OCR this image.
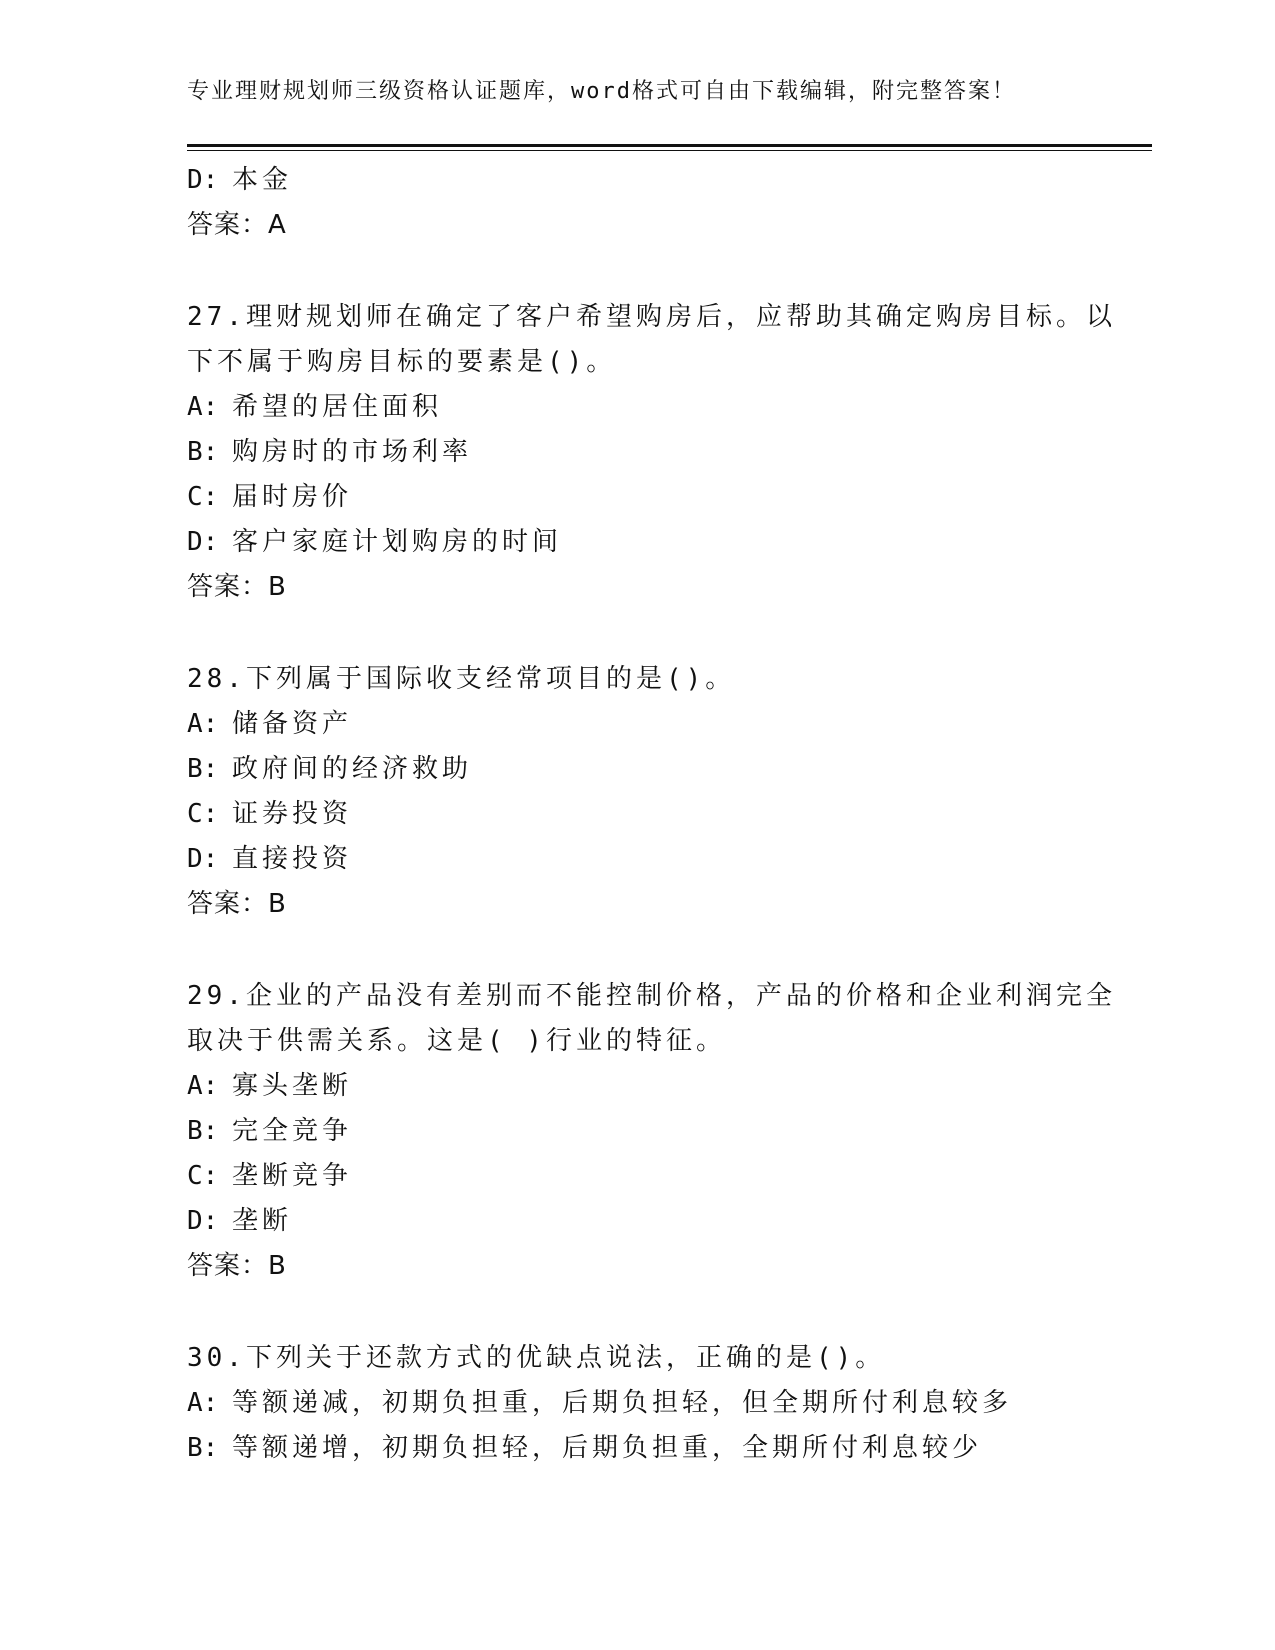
专业理财规划师三级资格认证题库，word格式可自由下载编辑，附完整答案！
D: 本金
答案：A
27.理财规划师在确定了客户希望购房后，应帮助其确定购房目标。以
下不属于购房目标的要素是()。
A: 希望的居住面积
B: 购房时的市场利率
C: 届时房价
D: 客户家庭计划购房的时间
答案：B
28.下列属于国际收支经常项目的是()。
A: 储备资产
B: 政府间的经济救助
C: 证券投资
D: 直接投资
答案：B
29.企业的产品没有差别而不能控制价格，产品的价格和企业利润完全
取决于供需关系。这是( )行业的特征。
A: 寡头垄断
B: 完全竞争
C: 垄断竞争
D: 垄断
答案：B
30.下列关于还款方式的优缺点说法，正确的是()。
A: 等额递减，初期负担重，后期负担轻，但全期所付利息较多
B: 等额递增，初期负担轻，后期负担重，全期所付利息较少
